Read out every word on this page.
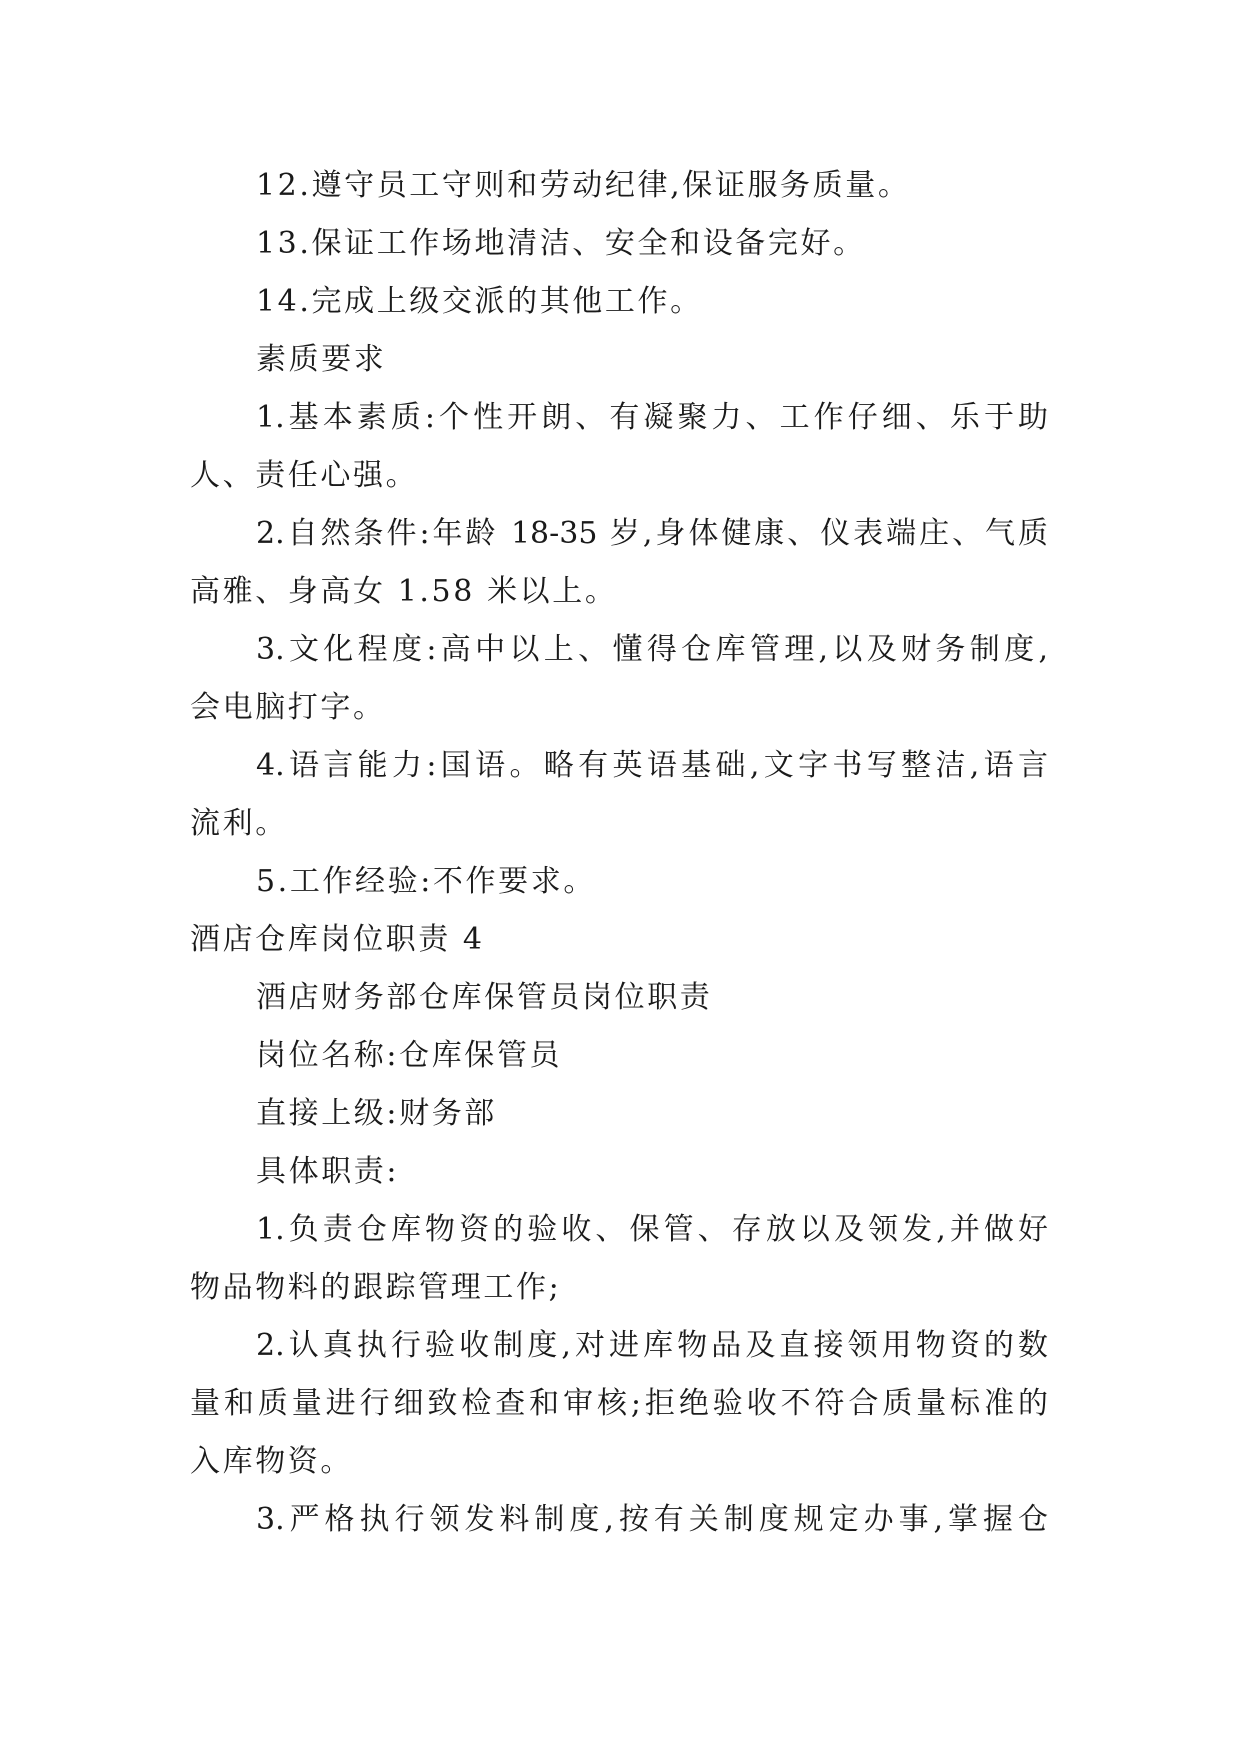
12.遵守员工守则和劳动纪律,保证服务质量。

13.保证工作场地清洁、安全和设备完好。

14.完成上级交派的其他工作。

素质要求

1.基本素质:个性开朗、有凝聚力、工作仔细、乐于助

人、责任心强。

2.自然条件:年龄 18-35 岁,身体健康、仪表端庄、气质

高雅、身高女 1.58 米以上。

3.文化程度:高中以上、懂得仓库管理,以及财务制度,

会电脑打字。

4.语言能力:国语。略有英语基础,文字书写整洁,语言

流利。

5.工作经验:不作要求。

酒店仓库岗位职责 4

酒店财务部仓库保管员岗位职责

岗位名称:仓库保管员

直接上级:财务部

具体职责:

1.负责仓库物资的验收、保管、存放以及领发,并做好

物品物料的跟踪管理工作;

2.认真执行验收制度,对进库物品及直接领用物资的数

量和质量进行细致检查和审核;拒绝验收不符合质量标准的

入库物资。

3.严格执行领发料制度,按有关制度规定办事,掌握仓
